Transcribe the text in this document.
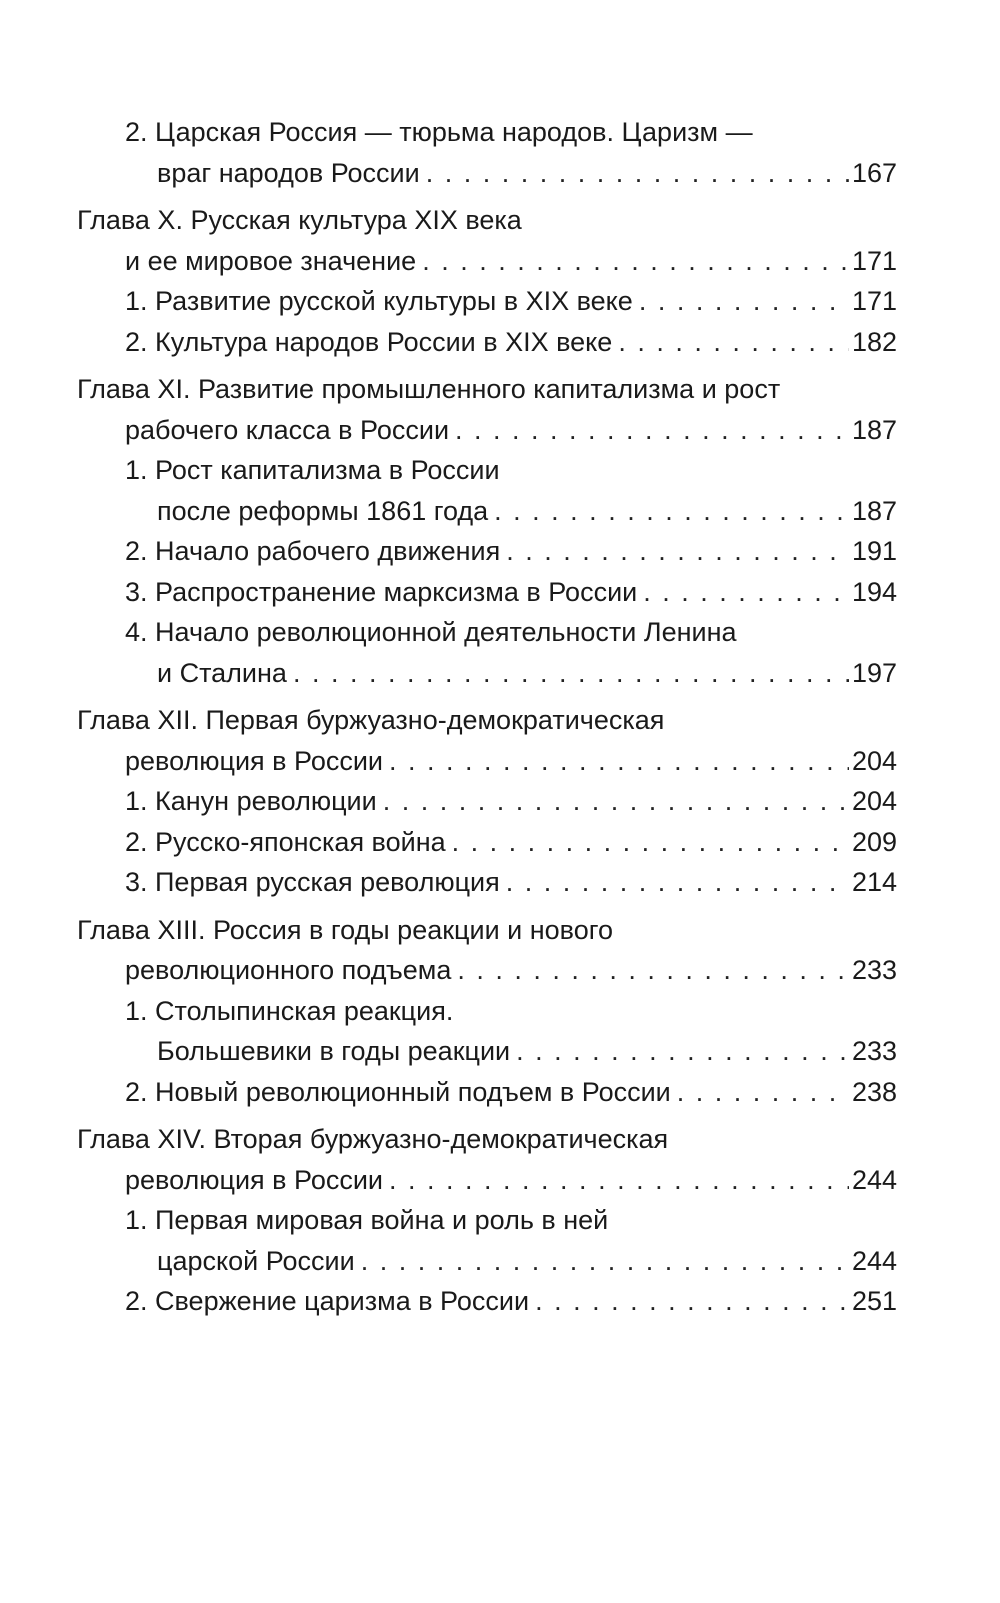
2. Царская Россия — тюрьма народов. Царизм —
враг народов России . . .	167
Глава X. Русская культура XIX века
и ее мировое значение . . .	171
1. Развитие русской культуры в XIX веке . . .	171
2. Культура народов России в XIX веке . . .	182
Глава XI. Развитие промышленного капитализма и рост
рабочего класса в России . . .	187
1. Рост капитализма в России
после реформы 1861 года . . .	187
2. Начало рабочего движения . . .	191
3. Распространение марксизма в России . . .	194
4. Начало революционной деятельности Ленина
и Сталина . . .	197
Глава XII. Первая буржуазно-демократическая
революция в России . . .	204
1. Канун революции . . .	204
2. Русско-японская война . . .	209
3. Первая русская революция . . .	214
Глава XIII. Россия в годы реакции и нового
революционного подъема . . .	233
1. Столыпинская реакция.
Большевики в годы реакции . . .	233
2. Новый революционный подъем в России . . .	238
Глава XIV. Вторая буржуазно-демократическая
революция в России . . .	244
1. Первая мировая война и роль в ней
царской России . . .	244
2. Свержение царизма в России . . .	251
